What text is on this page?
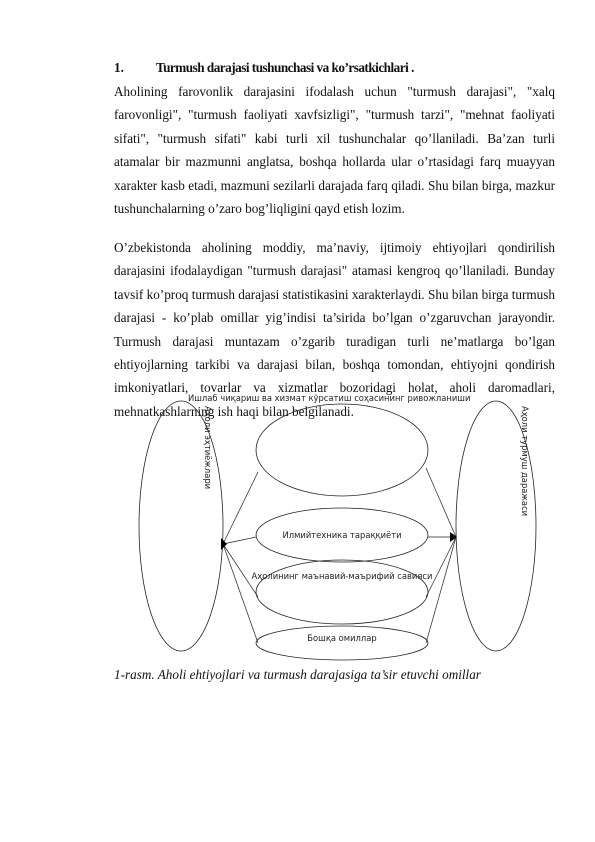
1. Turmush darajasi tushunchasi va ko’rsatkichlari .

Aholining farovonlik darajasini ifodalash uchun "turmush darajasi", "xalq farovonligi", "turmush faoliyati xavfsizligi", "turmush tarzi", "mehnat faoliyati sifati", "turmush sifati" kabi turli xil tushunchalar qo’llaniladi. Ba’zan turli atamalar bir mazmunni anglatsa, boshqa hollarda ular o’rtasidagi farq muayyan xarakter kasb etadi, mazmuni sezilarli darajada farq qiladi. Shu bilan birga, mazkur tushunchalarning o’zaro bog’liqligini qayd etish lozim.

O’zbekistonda aholining moddiy, ma’naviy, ijtimoiy ehtiyojlari qondirilish darajasini ifodalaydigan "turmush darajasi" atamasi kengroq qo’llaniladi. Bunday tavsif ko’proq turmush darajasi statistikasini xarakterlaydi. Shu bilan birga turmush darajasi - ko’plab omillar yig’indisi ta’sirida bo’lgan o’zgaruvchan jarayondir. Turmush darajasi muntazam o’zgarib turadigan turli ne’matlarga bo’lgan ehtiyojlarning tarkibi va darajasi bilan, boshqa tomondan, ehtiyojni qondirish imkoniyatlari, tovarlar va xizmatlar bozoridagi holat, aholi daromadlari, mehnatkashlarning ish haqi bilan belgilanadi.

Ишлаб чиқариш ва хизмат кўрсатиш соҳасининг ривожланиши
Илмийтехника тараққиёти
Аҳолининг маънавий-маърифий савияси
Бошқа омиллар
Аҳоли эҳтиёжлари	Аҳоли турмуш даражаси
1-rasm. Aholi ehtiyojlari va turmush darajasiga ta’sir etuvchi omillar
